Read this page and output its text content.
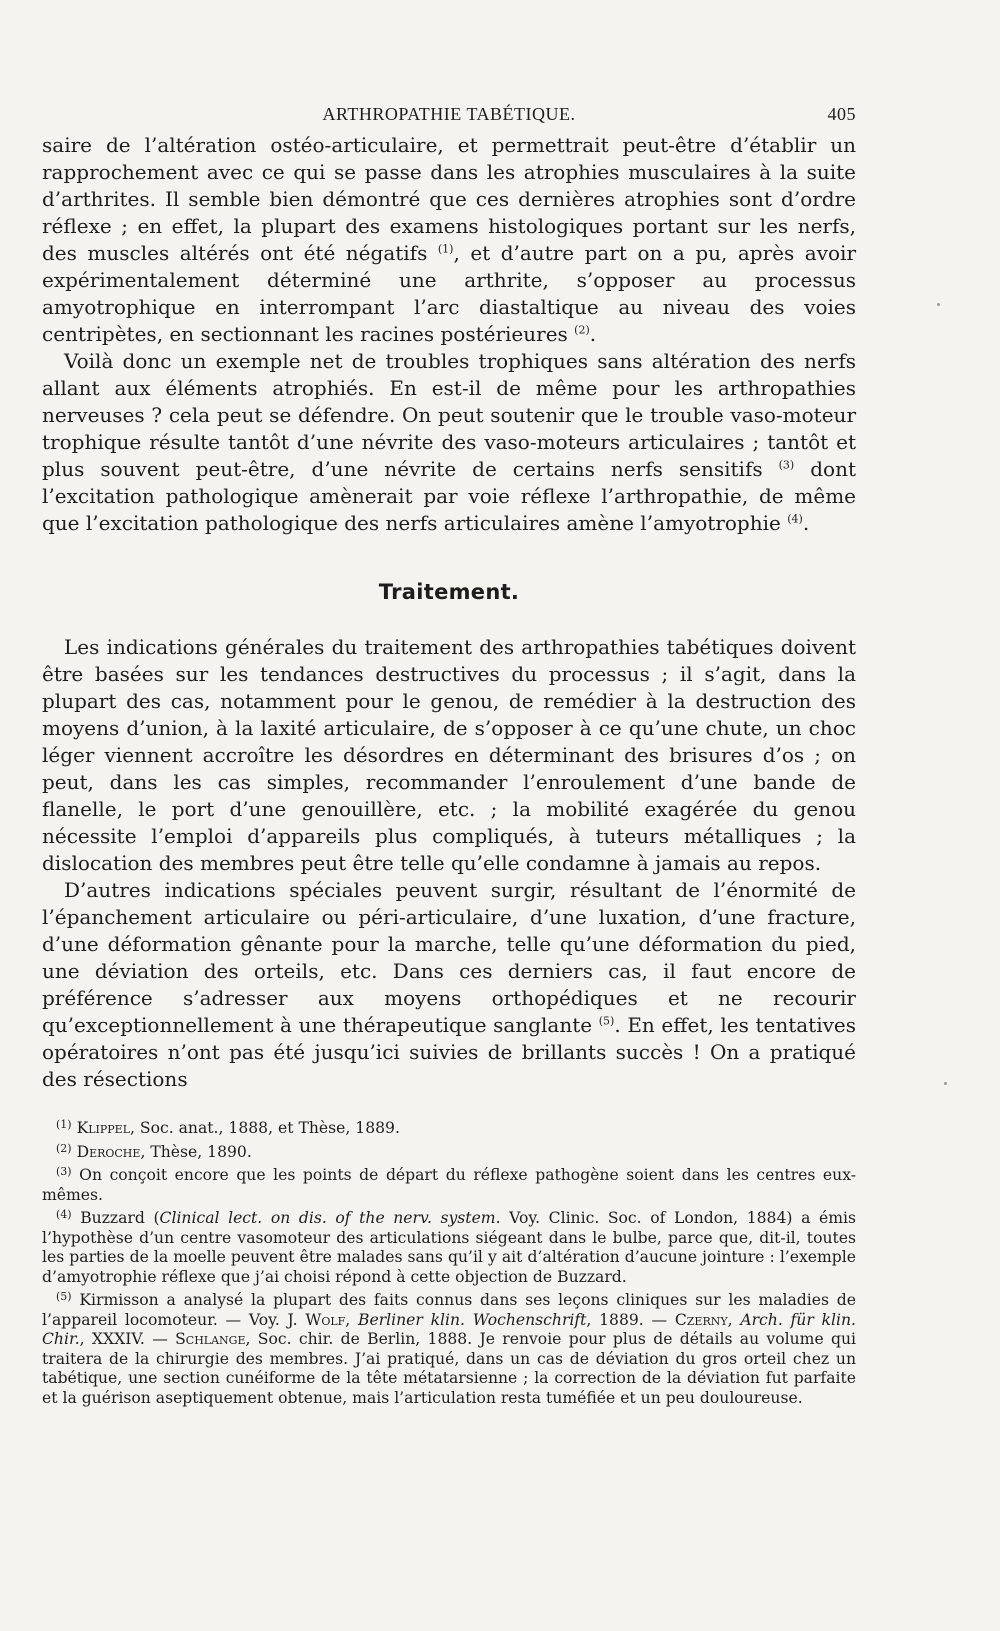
ARTHROPATHIE TABÉTIQUE.	405

saire de l’altération ostéo-articulaire, et permettrait peut-être d’établir un rapprochement avec ce qui se passe dans les atrophies musculaires à la suite d’arthrites. Il semble bien démontré que ces dernières atrophies sont d’ordre réflexe ; en effet, la plupart des examens histologiques portant sur les nerfs, des muscles altérés ont été négatifs $^{(1)}$, et d’autre part on a pu, après avoir expérimentalement déterminé une arthrite, s’opposer au processus amyotrophique en interrompant l’arc diastaltique au niveau des voies centripètes, en sectionnant les racines postérieures $^{(2)}$.

Voilà donc un exemple net de troubles trophiques sans altération des nerfs allant aux éléments atrophiés. En est-il de même pour les arthropathies nerveuses ? cela peut se défendre. On peut soutenir que le trouble vaso-moteur trophique résulte tantôt d’une névrite des vaso-moteurs articulaires ; tantôt et plus souvent peut-être, d’une névrite de certains nerfs sensitifs $^{(3)}$ dont l’excitation pathologique amènerait par voie réflexe l’arthropathie, de même que l’excitation pathologique des nerfs articulaires amène l’amyotrophie $^{(4)}$.

Traitement.

Les indications générales du traitement des arthropathies tabétiques doivent être basées sur les tendances destructives du processus ; il s’agit, dans la plupart des cas, notamment pour le genou, de remédier à la destruction des moyens d’union, à la laxité articulaire, de s’opposer à ce qu’une chute, un choc léger viennent accroître les désordres en déterminant des brisures d’os ; on peut, dans les cas simples, recommander l’enroulement d’une bande de flanelle, le port d’une genouillère, etc. ; la mobilité exagérée du genou nécessite l’emploi d’appareils plus compliqués, à tuteurs métalliques ; la dislocation des membres peut être telle qu’elle condamne à jamais au repos.

D’autres indications spéciales peuvent surgir, résultant de l’énormité de l’épanchement articulaire ou péri-articulaire, d’une luxation, d’une fracture, d’une déformation gênante pour la marche, telle qu’une déformation du pied, une déviation des orteils, etc. Dans ces derniers cas, il faut encore de préférence s’adresser aux moyens orthopédiques et ne recourir qu’exceptionnellement à une thérapeutique sanglante $^{(5)}$. En effet, les tentatives opératoires n’ont pas été jusqu’ici suivies de brillants succès ! On a pratiqué des résections

$^{(1)}$ Klippel, Soc. anat., 1888, et Thèse, 1889.

$^{(2)}$ Deroche, Thèse, 1890.

$^{(3)}$ On conçoit encore que les points de départ du réflexe pathogène soient dans les centres eux-mêmes.

$^{(4)}$ Buzzard (Clinical lect. on dis. of the nerv. system. Voy. Clinic. Soc. of London, 1884) a émis l’hypothèse d’un centre vasomoteur des articulations siégeant dans le bulbe, parce que, dit-il, toutes les parties de la moelle peuvent être malades sans qu’il y ait d’altération d’aucune jointure : l’exemple d’amyotrophie réflexe que j’ai choisi répond à cette objection de Buzzard.

$^{(5)}$ Kirmisson a analysé la plupart des faits connus dans ses leçons cliniques sur les maladies de l’appareil locomoteur. — Voy. J. Wolf, Berliner klin. Wochenschrift, 1889. — Czerny, Arch. für klin. Chir., XXXIV. — Schlange, Soc. chir. de Berlin, 1888. Je renvoie pour plus de détails au volume qui traitera de la chirurgie des membres. J’ai pratiqué, dans un cas de déviation du gros orteil chez un tabétique, une section cunéiforme de la tête métatarsienne ; la correction de la déviation fut parfaite et la guérison aseptiquement obtenue, mais l’articulation resta tuméfiée et un peu douloureuse.
